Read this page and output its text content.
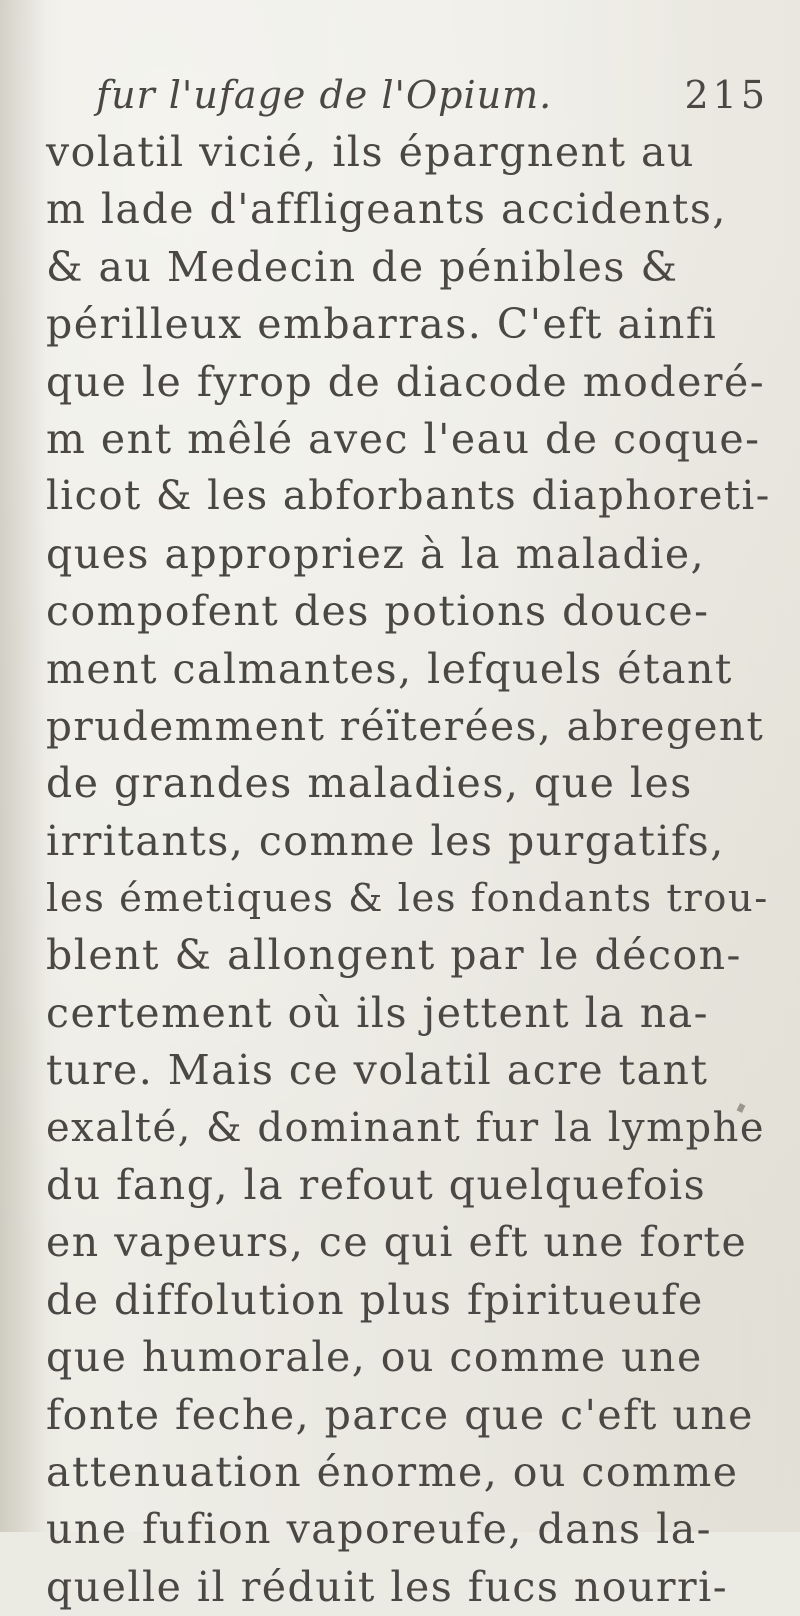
fur l'ufage de l'Opium.	215
volatil vicié, ils épargnent au
m lade d'affligeants accidents,
& au Medecin de pénibles &
périlleux embarras. C'eft ainfi
que le fyrop de diacode moderé-
m ent mêlé avec l'eau de coque-
licot & les abforbants diaphoreti-
ques appropriez à la maladie,
compofent des potions douce-
ment calmantes, lefquels étant
prudemment réïterées, abregent
de grandes maladies, que les
irritants, comme les purgatifs,
les émetiques & les fondants trou-
blent & allongent par le décon-
certement où ils jettent la na-
ture. Mais ce volatil acre tant
exalté, & dominant fur la lymphe
du fang, la refout quelquefois
en vapeurs, ce qui eft une forte
de diffolution plus fpiritueufe
que humorale, ou comme une
fonte feche, parce que c'eft une
attenuation énorme, ou comme
une fufion vaporeufe, dans la-
quelle il réduit les fucs nourri-
